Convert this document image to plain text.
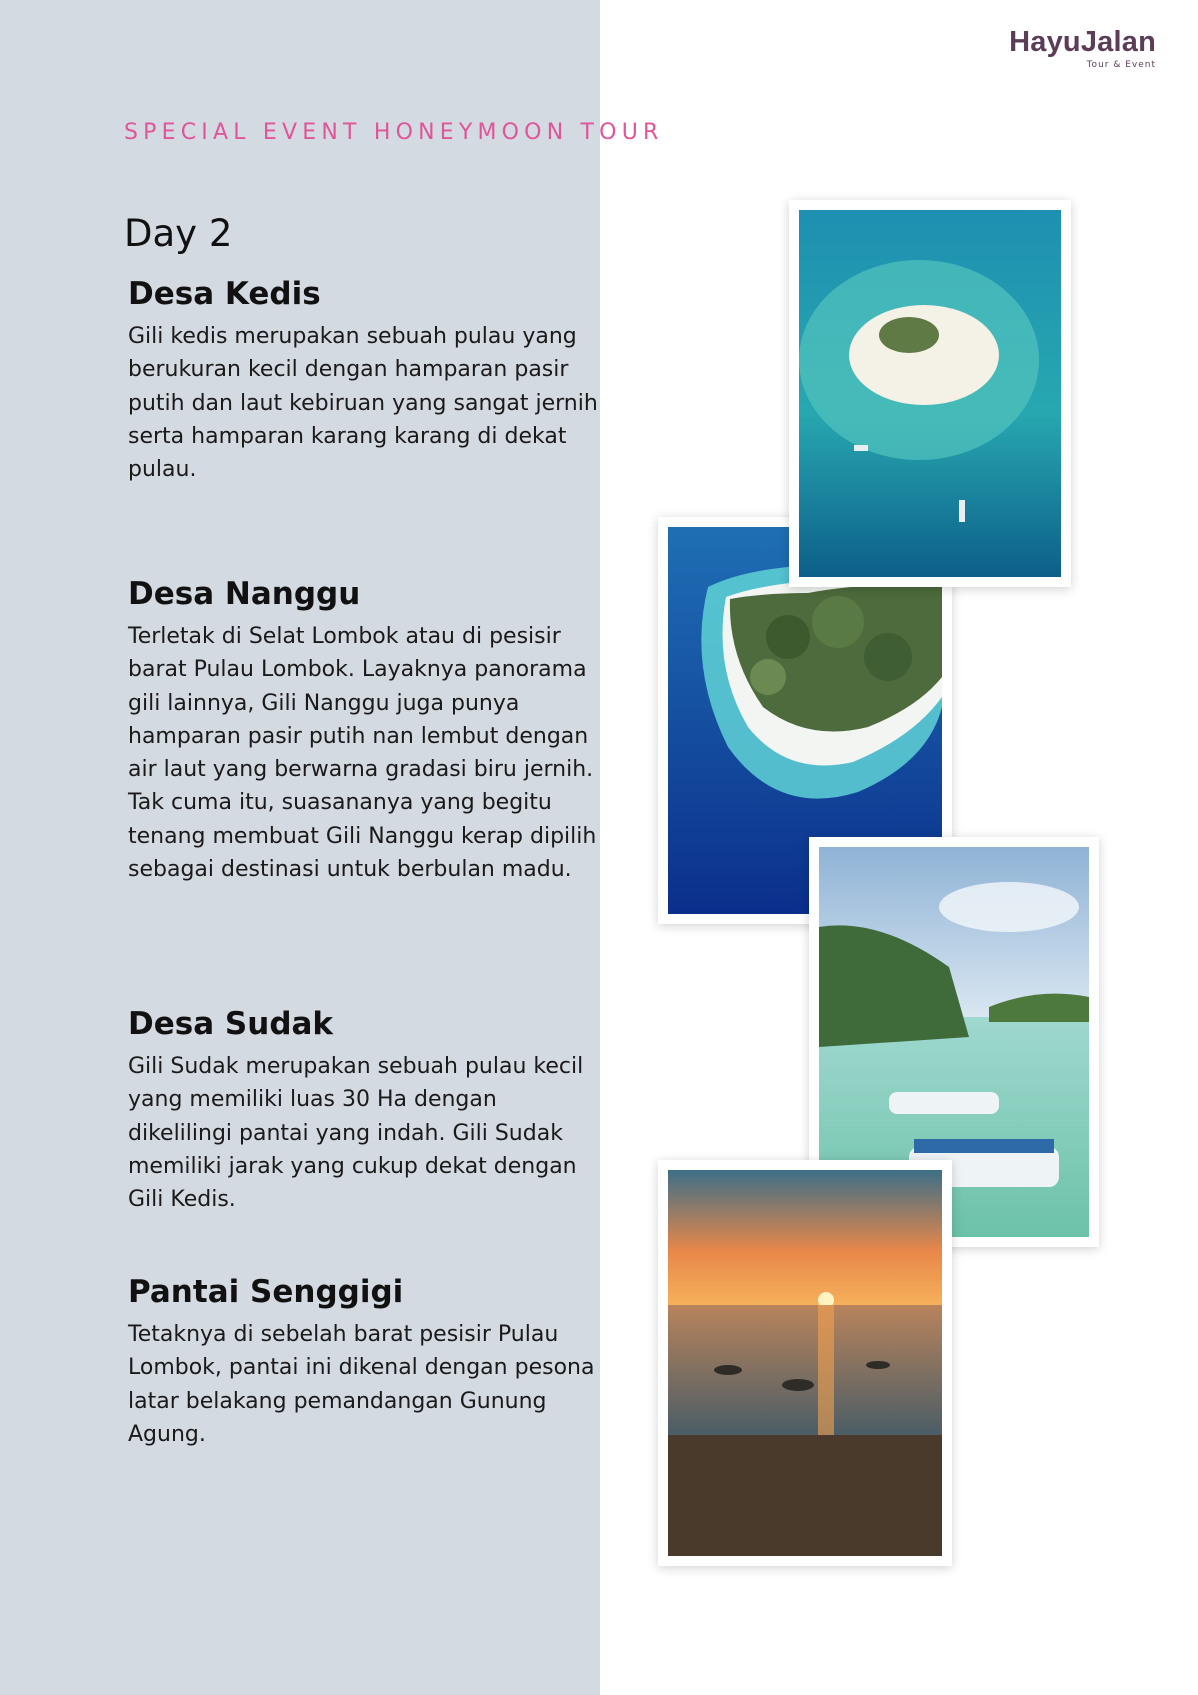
HayuJalan
Tour & Event
SPECIAL EVENT HONEYMOON TOUR
Day 2
Desa Kedis

Gili kedis merupakan sebuah pulau yang berukuran kecil dengan hamparan pasir putih dan laut kebiruan yang sangat jernih serta hamparan karang karang di dekat pulau.

Desa Nanggu

Terletak di Selat Lombok atau di pesisir barat Pulau Lombok. Layaknya panorama gili lainnya, Gili Nanggu juga punya hamparan pasir putih nan lembut dengan air laut yang berwarna gradasi biru jernih. Tak cuma itu, suasananya yang begitu tenang membuat Gili Nanggu kerap dipilih sebagai destinasi untuk berbulan madu.

Desa Sudak

Gili Sudak merupakan sebuah pulau kecil yang memiliki luas 30 Ha dengan dikelilingi pantai yang indah. Gili Sudak memiliki jarak yang cukup dekat dengan Gili Kedis.

Pantai Senggigi

Tetaknya di sebelah barat pesisir Pulau Lombok, pantai ini dikenal dengan pesona latar belakang pemandangan Gunung Agung.
